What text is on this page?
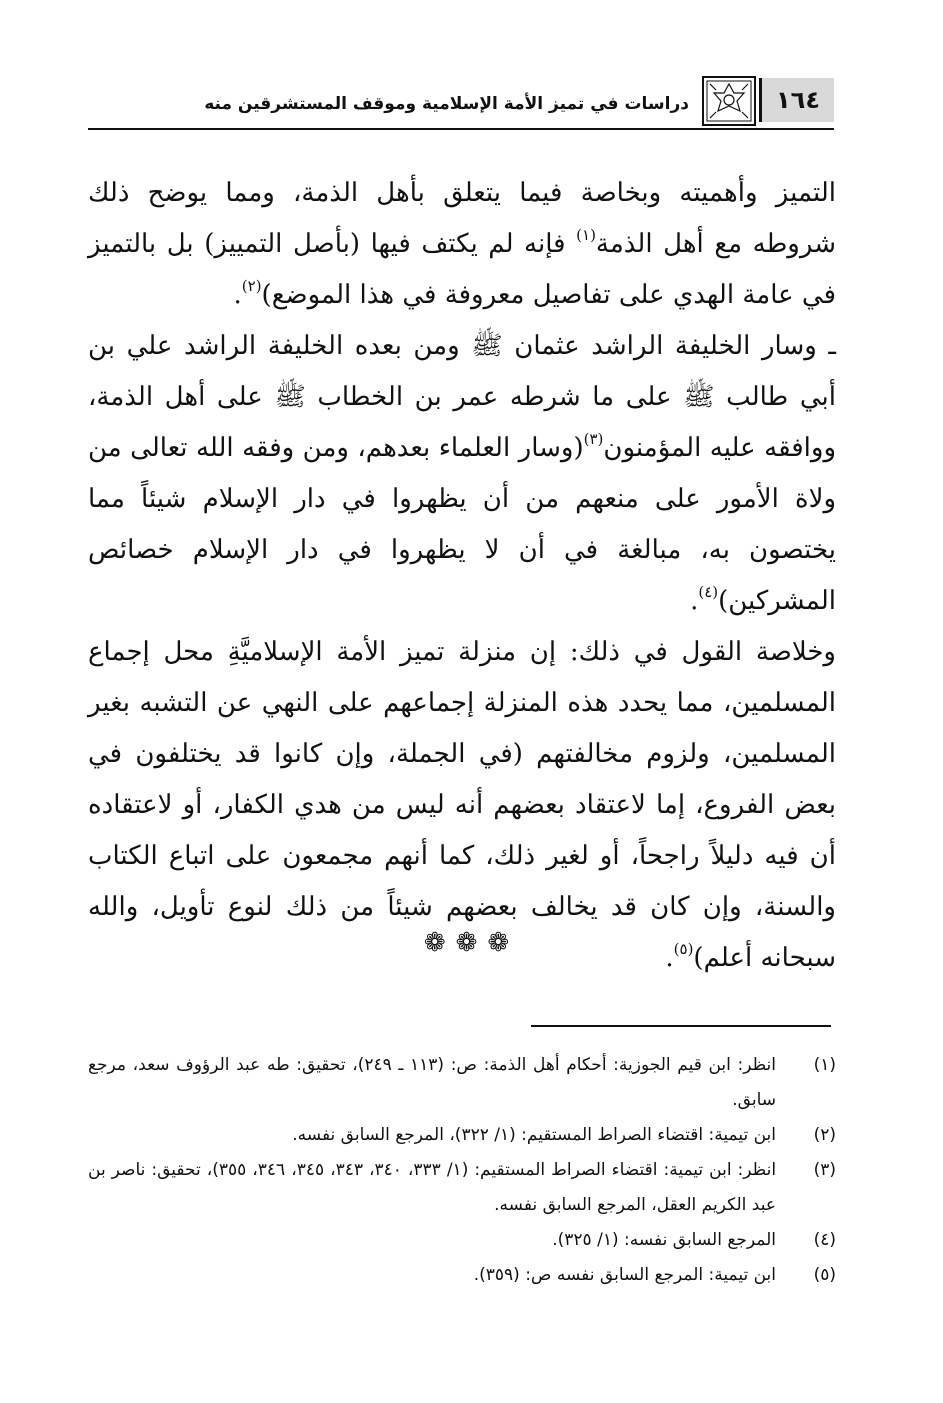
١٦٤
دراسات في تميز الأمة الإسلامية وموقف المستشرقين منه

التميز وأهميته وبخاصة فيما يتعلق بأهل الذمة، ومما يوضح ذلك شروطه مع أهل الذمة$^{(١)}$ فإنه لم يكتف فيها (بأصل التمييز) بل بالتميز في عامة الهدي على تفاصيل معروفة في هذا الموضع)$^{(٢)}$.

ـ وسار الخليفة الراشد عثمان ﷺ ومن بعده الخليفة الراشد علي بن أبي طالب ﷺ على ما شرطه عمر بن الخطاب ﷺ على أهل الذمة، ووافقه عليه المؤمنون$^{(٣)}$(وسار العلماء بعدهم، ومن وفقه الله تعالى من ولاة الأمور على منعهم من أن يظهروا في دار الإسلام شيئاً مما يختصون به، مبالغة في أن لا يظهروا في دار الإسلام خصائص المشركين)$^{(٤)}$.

وخلاصة القول في ذلك: إن منزلة تميز الأمة الإسلاميَّةِ محل إجماع المسلمين، مما يحدد هذه المنزلة إجماعهم على النهي عن التشبه بغير المسلمين، ولزوم مخالفتهم (في الجملة، وإن كانوا قد يختلفون في بعض الفروع، إما لاعتقاد بعضهم أنه ليس من هدي الكفار، أو لاعتقاده أن فيه دليلاً راجحاً، أو لغير ذلك، كما أنهم مجمعون على اتباع الكتاب والسنة، وإن كان قد يخالف بعضهم شيئاً من ذلك لنوع تأويل، والله سبحانه أعلم)$^{(٥)}$.

❁❁❁
(١)
انظر: ابن قيم الجوزية: أحكام أهل الذمة: ص: (١١٣ ـ ٢٤٩)، تحقيق: طه عبد الرؤوف سعد، مرجع سابق.
(٢)
ابن تيمية: اقتضاء الصراط المستقيم: (١/ ٣٢٢)، المرجع السابق نفسه.
(٣)
انظر: ابن تيمية: اقتضاء الصراط المستقيم: (١/ ٣٣٣، ٣٤٠، ٣٤٣، ٣٤٥، ٣٤٦، ٣٥٥)، تحقيق: ناصر بن عبد الكريم العقل، المرجع السابق نفسه.
(٤)
المرجع السابق نفسه: (١/ ٣٢٥).
(٥)
ابن تيمية: المرجع السابق نفسه ص: (٣٥٩).
